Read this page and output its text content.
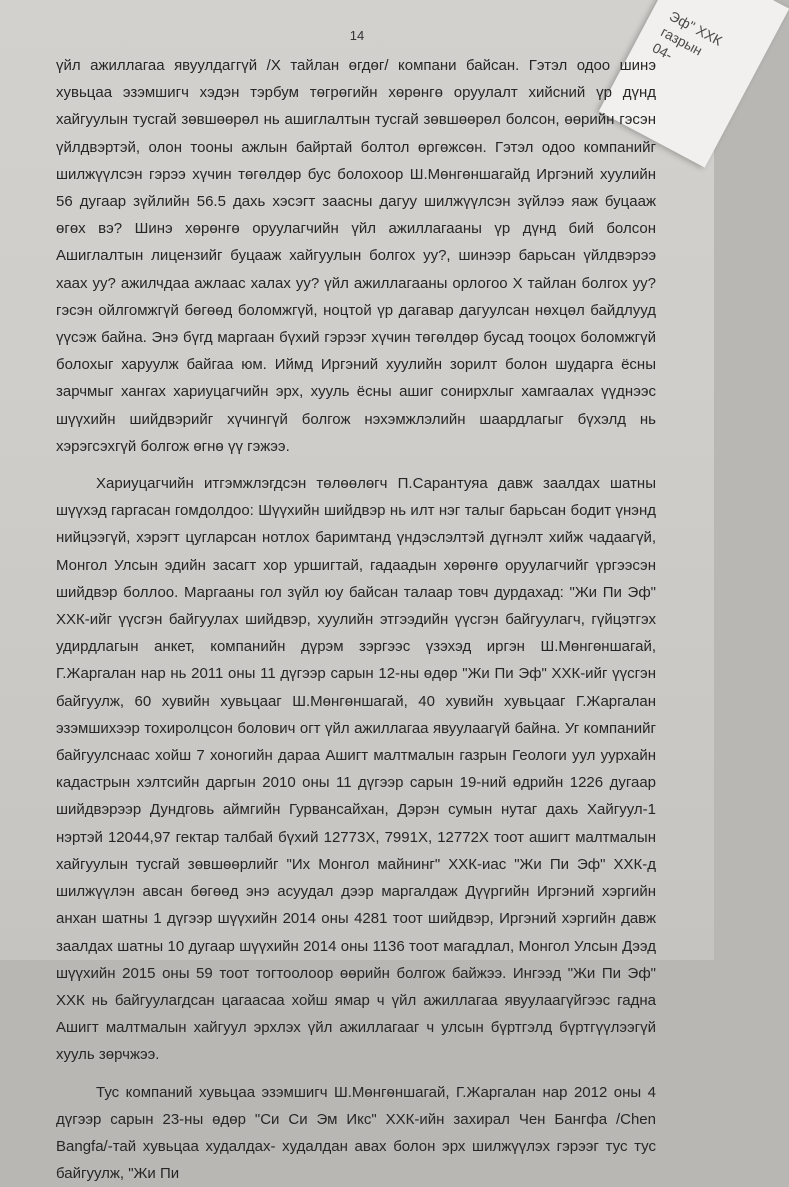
Эф" ХХК
газрын
04-
14

үйл ажиллагаа явуулдаггүй /Х тайлан өгдөг/ компани байсан. Гэтэл одоо шинэ хувьцаа эзэмшигч хэдэн тэрбум төгрөгийн хөрөнгө оруулалт хийсний үр дүнд хайгуулын тусгай зөвшөөрөл нь ашиглалтын тусгай зөвшөөрөл болсон, өөрийн гэсэн үйлдвэртэй, олон тооны ажлын байртай болтол өргөжсөн. Гэтэл одоо компанийг шилжүүлсэн гэрээ хүчин төгөлдөр бус болохоор Ш.Мөнгөншагайд Иргэний хуулийн 56 дугаар зүйлийн 56.5 дахь хэсэгт заасны дагуу шилжүүлсэн зүйлээ яаж буцааж өгөх вэ? Шинэ хөрөнгө оруулагчийн үйл ажиллагааны үр дүнд бий болсон Ашиглалтын лицензийг буцааж хайгуулын болгох уу?, шинээр барьсан үйлдвэрээ хаах уу? ажилчдаа ажлаас халах уу? үйл ажиллагааны орлогоо Х тайлан болгох уу? гэсэн ойлгомжгүй бөгөөд боломжгүй, ноцтой үр дагавар дагуулсан нөхцөл байдлууд үүсэж байна. Энэ бүгд маргаан бүхий гэрээг хүчин төгөлдөр бусад тооцох боломжгүй болохыг харуулж байгаа юм. Иймд Иргэний хуулийн зорилт болон шударга ёсны зарчмыг хангах хариуцагчийн эрх, хууль ёсны ашиг сонирхлыг хамгаалах үүднээс шүүхийн шийдвэрийг хүчингүй болгож нэхэмжлэлийн шаардлагыг бүхэлд нь хэрэгсэхгүй болгож өгнө үү гэжээ.

Хариуцагчийн итгэмжлэгдсэн төлөөлөгч П.Сарантуяа давж заалдах шатны шүүхэд гаргасан гомдолдоо: Шүүхийн шийдвэр нь илт нэг талыг барьсан бодит үнэнд нийцээгүй, хэрэгт цугларсан нотлох баримтанд үндэслэлтэй дүгнэлт хийж чадаагүй, Монгол Улсын эдийн засагт хор уршигтай, гадаадын хөрөнгө оруулагчийг үргээсэн шийдвэр боллоо. Маргааны гол зүйл юу байсан талаар товч дурдахад: "Жи Пи Эф" ХХК-ийг үүсгэн байгуулах шийдвэр, хуулийн этгээдийн үүсгэн байгуулагч, гүйцэтгэх удирдлагын анкет, компанийн дүрэм зэргээс үзэхэд иргэн Ш.Мөнгөншагай, Г.Жаргалан нар нь 2011 оны 11 дүгээр сарын 12-ны өдөр "Жи Пи Эф" ХХК-ийг үүсгэн байгуулж, 60 хувийн хувьцааг Ш.Мөнгөншагай, 40 хувийн хувьцааг Г.Жаргалан эзэмшихээр тохиролцсон болович огт үйл ажиллагаа явуулаагүй байна. Уг компанийг байгуулснаас хойш 7 хоногийн дараа Ашигт малтмалын газрын Геологи уул уурхайн кадастрын хэлтсийн даргын 2010 оны 11 дүгээр сарын 19-ний өдрийн 1226 дугаар шийдвэрээр Дундговь аймгийн Гурвансайхан, Дэрэн сумын нутаг дахь Хайгуул-1 нэртэй 12044,97 гектар талбай бүхий 12773Х, 7991Х, 12772Х тоот ашигт малтмалын хайгуулын тусгай зөвшөөрлийг "Их Монгол майнинг" ХХК-иас "Жи Пи Эф" ХХК-д шилжүүлэн авсан бөгөөд энэ асуудал дээр маргалдаж Дүүргийн Иргэний хэргийн анхан шатны 1 дүгээр шүүхийн 2014 оны 4281 тоот шийдвэр, Иргэний хэргийн давж заалдах шатны 10 дугаар шүүхийн 2014 оны 1136 тоот магадлал, Монгол Улсын Дээд шүүхийн 2015 оны 59 тоот тогтоолоор өөрийн болгож байжээ. Ингээд "Жи Пи Эф" ХХК нь байгуулагдсан цагаасаа хойш ямар ч үйл ажиллагаа явуулаагүйгээс гадна Ашигт малтмалын хайгуул эрхлэх үйл ажиллагааг ч улсын бүртгэлд бүртгүүлээгүй хууль зөрчжээ.

Тус компаний хувьцаа эзэмшигч Ш.Мөнгөншагай, Г.Жаргалан нар 2012 оны 4 дүгээр сарын 23-ны өдөр "Си Си Эм Икс" ХХК-ийн захирал Чен Бангфа /Chen Bangfa/-тай хувьцаа худалдах- худалдан авах болон эрх шилжүүлэх гэрээг тус тус байгуулж, "Жи Пи
